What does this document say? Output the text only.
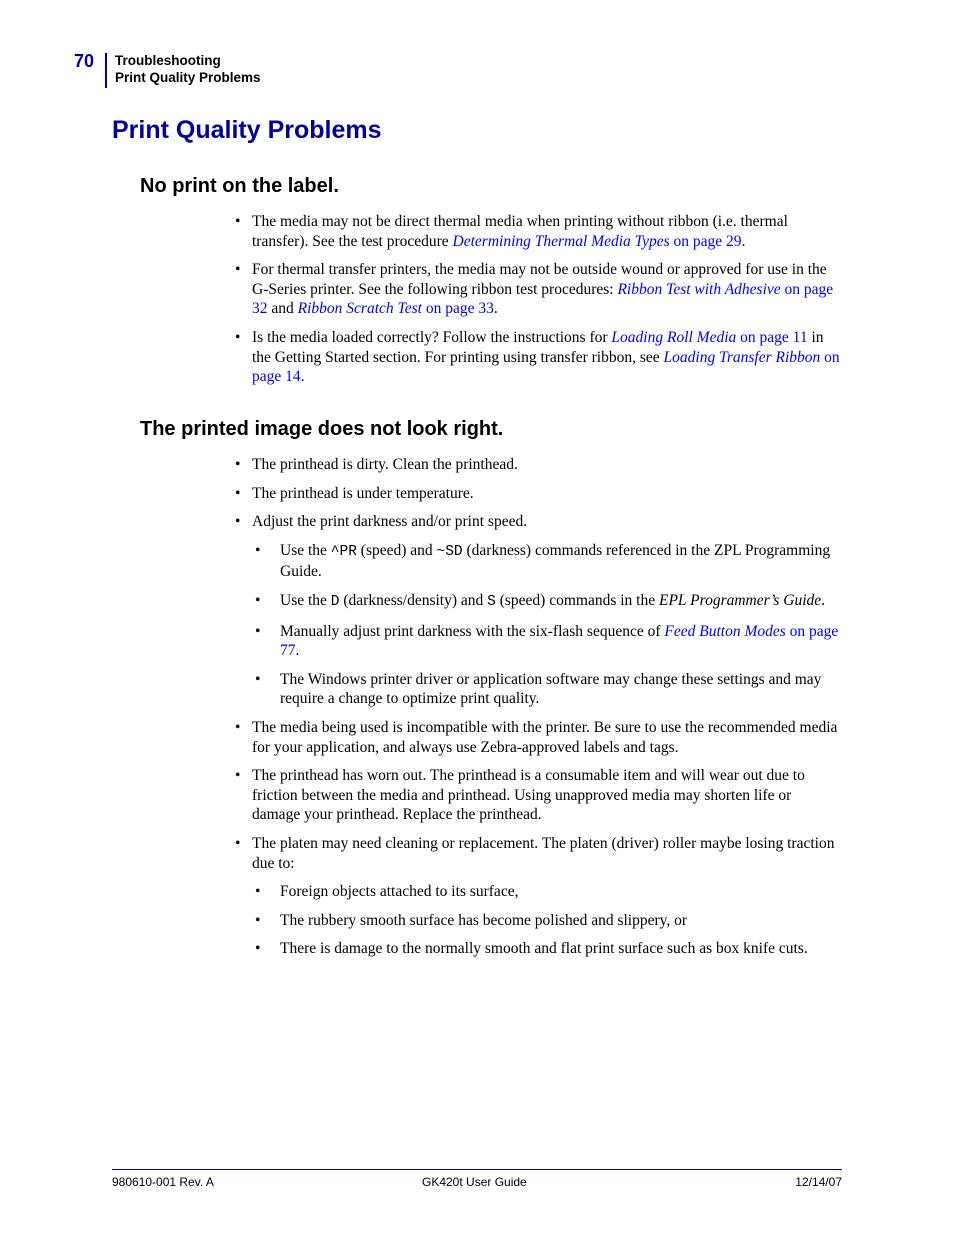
70 Troubleshooting
Print Quality Problems
Print Quality Problems
No print on the label.
• The media may not be direct thermal media when printing without ribbon (i.e. thermal transfer). See the test procedure Determining Thermal Media Types on page 29.
• For thermal transfer printers, the media may not be outside wound or approved for use in the G-Series printer. See the following ribbon test procedures: Ribbon Test with Adhesive on page 32 and Ribbon Scratch Test on page 33.
• Is the media loaded correctly? Follow the instructions for Loading Roll Media on page 11 in the Getting Started section. For printing using transfer ribbon, see Loading Transfer Ribbon on page 14.
The printed image does not look right.
• The printhead is dirty. Clean the printhead.
• The printhead is under temperature.
• Adjust the print darkness and/or print speed.
• Use the ^PR (speed) and ~SD (darkness) commands referenced in the ZPL Programming Guide.
• Use the D (darkness/density) and S (speed) commands in the EPL Programmer’s Guide.
• Manually adjust print darkness with the six-flash sequence of Feed Button Modes on page 77.
• The Windows printer driver or application software may change these settings and may require a change to optimize print quality.
• The media being used is incompatible with the printer. Be sure to use the recommended media for your application, and always use Zebra-approved labels and tags.
• The printhead has worn out. The printhead is a consumable item and will wear out due to friction between the media and printhead. Using unapproved media may shorten life or damage your printhead. Replace the printhead.
• The platen may need cleaning or replacement. The platen (driver) roller maybe losing traction due to:
• Foreign objects attached to its surface,
• The rubbery smooth surface has become polished and slippery, or
• There is damage to the normally smooth and flat print surface such as box knife cuts.
980610-001 Rev. A	GK420t User Guide	12/14/07
